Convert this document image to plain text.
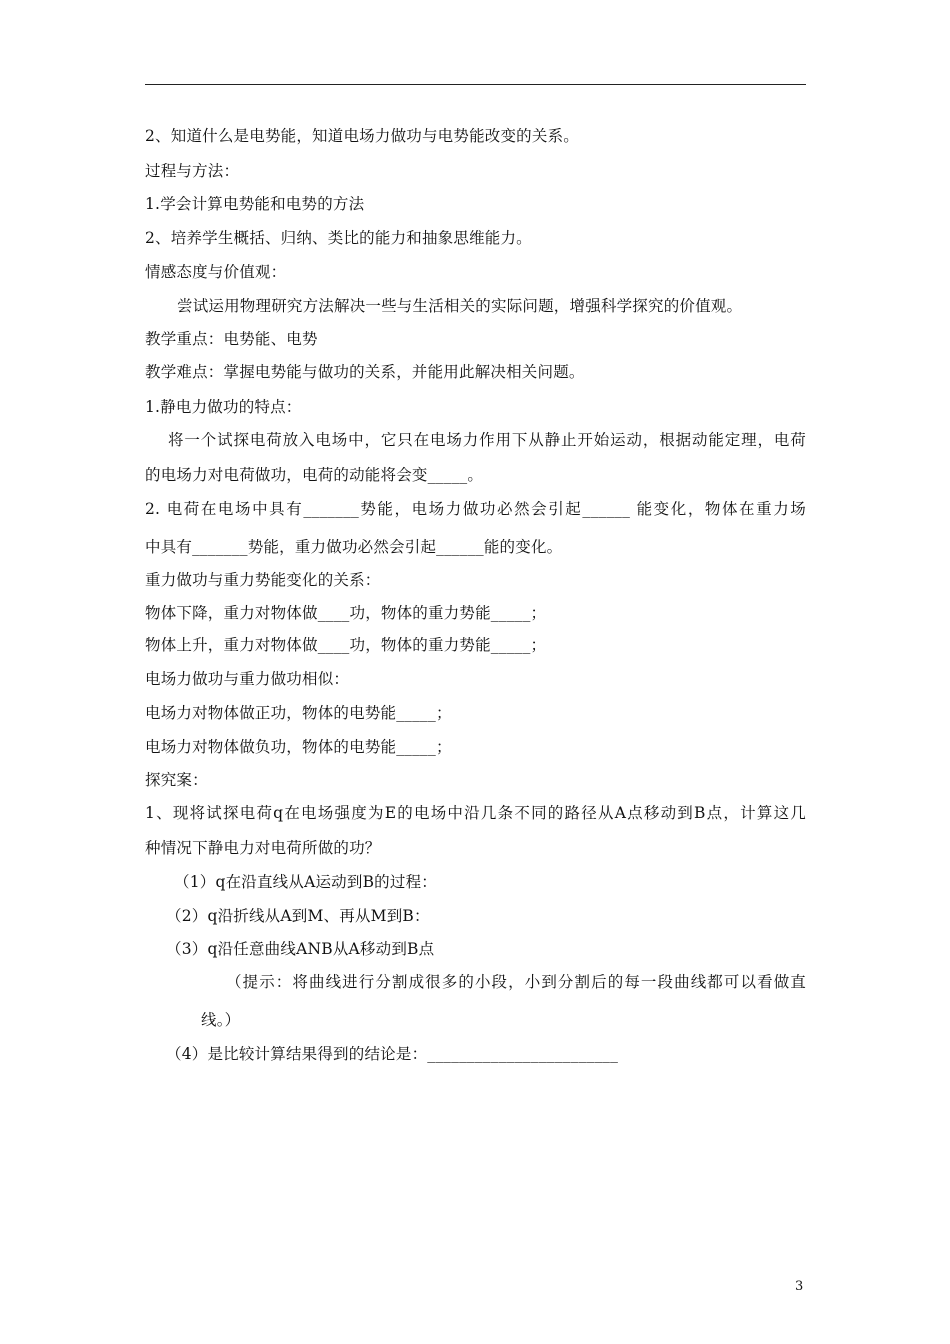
2、知道什么是电势能，知道电场力做功与电势能改变的关系。
过程与方法：
1.学会计算电势能和电势的方法
2、培养学生概括、归纳、类比的能力和抽象思维能力。
情感态度与价值观：
尝试运用物理研究方法解决一些与生活相关的实际问题，增强科学探究的价值观。
教学重点：电势能、电势
教学难点：掌握电势能与做功的关系，并能用此解决相关问题。
1.静电力做功的特点：
将一个试探电荷放入电场中，它只在电场力作用下从静止开始运动，根据动能定理，电荷
的电场力对电荷做功，电荷的动能将会变_____。
2. 电荷在电场中具有_______势能，电场力做功必然会引起______ 能变化，物体在重力场
中具有_______势能，重力做功必然会引起______能的变化。
重力做功与重力势能变化的关系：
物体下降，重力对物体做____功，物体的重力势能_____；
物体上升，重力对物体做____功，物体的重力势能_____；
电场力做功与重力做功相似：
电场力对物体做正功，物体的电势能_____；
电场力对物体做负功，物体的电势能_____；
探究案：
1、现将试探电荷q在电场强度为E的电场中沿几条不同的路径从A点移动到B点，计算这几
种情况下静电力对电荷所做的功？
（1）q在沿直线从A运动到B的过程：
（2）q沿折线从A到M、再从M到B：
（3）q沿任意曲线ANB从A移动到B点
（提示：将曲线进行分割成很多的小段，小到分割后的每一段曲线都可以看做直
线。）
（4）是比较计算结果得到的结论是：________________________
3
